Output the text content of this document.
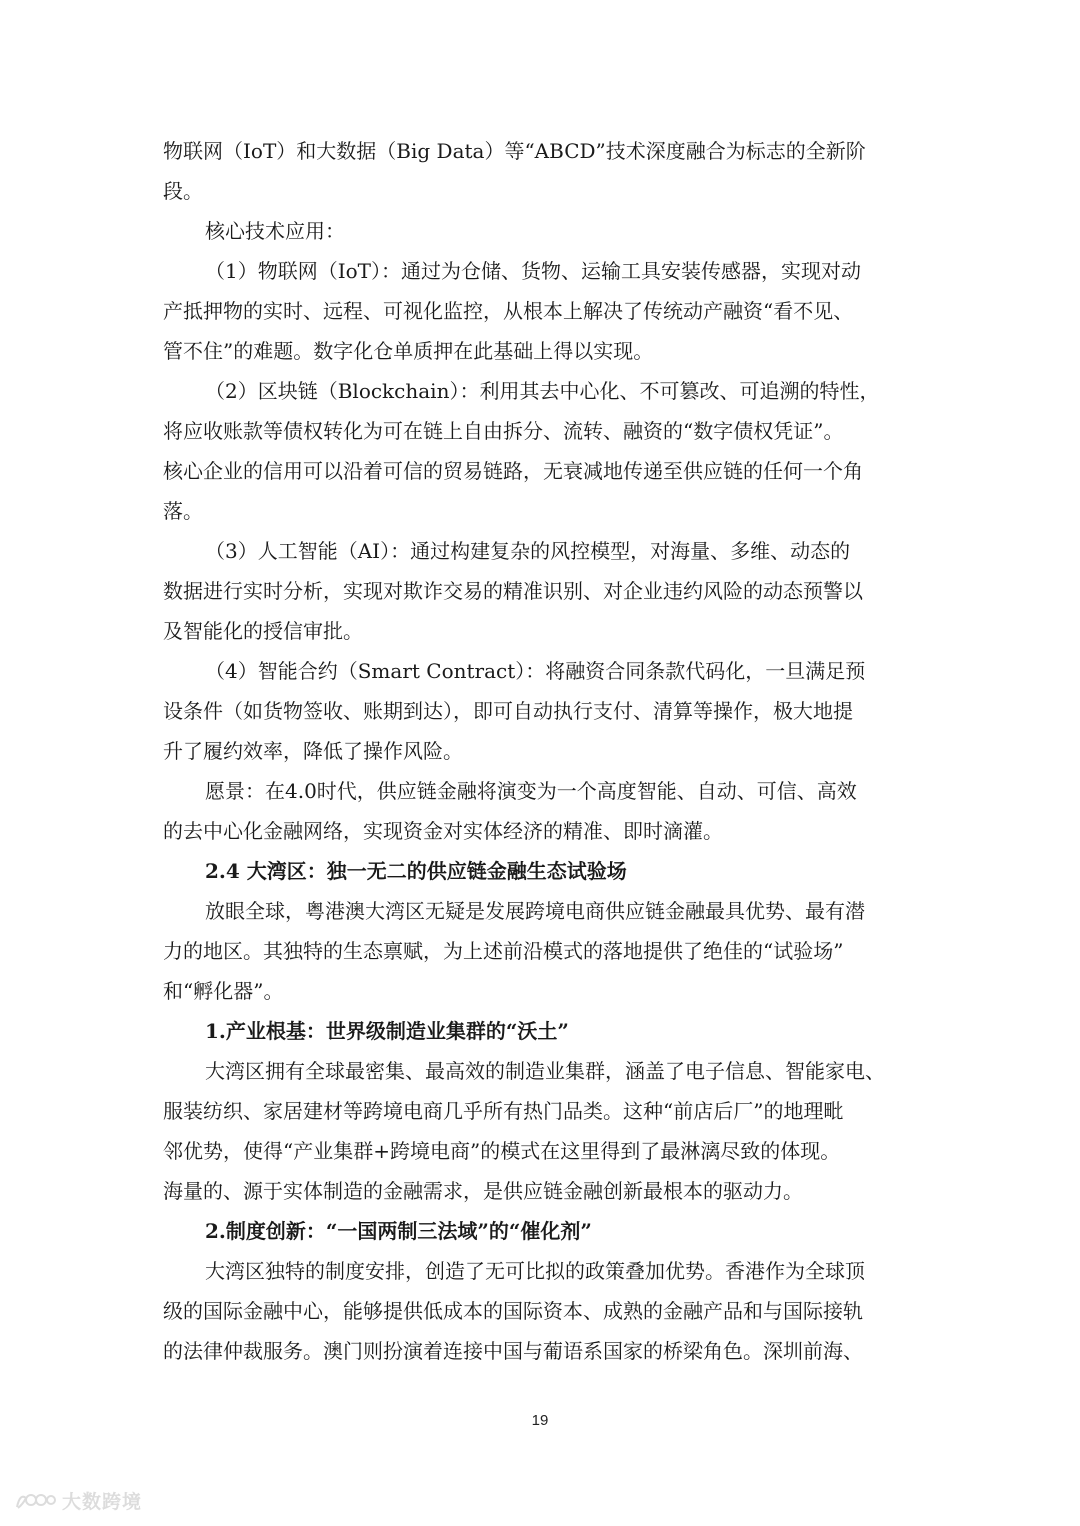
物联网（IoT）和大数据（Big Data）等“ABCD”技术深度融合为标志的全新阶
段。
核心技术应用：
（1）物联网（IoT）：通过为仓储、货物、运输工具安装传感器，实现对动
产抵押物的实时、远程、可视化监控，从根本上解决了传统动产融资“看不见、
管不住”的难题。数字化仓单质押在此基础上得以实现。
（2）区块链（Blockchain）：利用其去中心化、不可篡改、可追溯的特性，
将应收账款等债权转化为可在链上自由拆分、流转、融资的“数字债权凭证”。
核心企业的信用可以沿着可信的贸易链路，无衰减地传递至供应链的任何一个角
落。
（3）人工智能（AI）：通过构建复杂的风控模型，对海量、多维、动态的
数据进行实时分析，实现对欺诈交易的精准识别、对企业违约风险的动态预警以
及智能化的授信审批。
（4）智能合约（Smart Contract）：将融资合同条款代码化，一旦满足预
设条件（如货物签收、账期到达），即可自动执行支付、清算等操作，极大地提
升了履约效率，降低了操作风险。
愿景：在4.0时代，供应链金融将演变为一个高度智能、自动、可信、高效
的去中心化金融网络，实现资金对实体经济的精准、即时滴灌。
2.4 大湾区：独一无二的供应链金融生态试验场
放眼全球，粤港澳大湾区无疑是发展跨境电商供应链金融最具优势、最有潜
力的地区。其独特的生态禀赋，为上述前沿模式的落地提供了绝佳的“试验场”
和“孵化器”。
1.产业根基：世界级制造业集群的“沃土”
大湾区拥有全球最密集、最高效的制造业集群，涵盖了电子信息、智能家电、
服装纺织、家居建材等跨境电商几乎所有热门品类。这种“前店后厂”的地理毗
邻优势，使得“产业集群+跨境电商”的模式在这里得到了最淋漓尽致的体现。
海量的、源于实体制造的金融需求，是供应链金融创新最根本的驱动力。
2.制度创新：“一国两制三法域”的“催化剂”
大湾区独特的制度安排，创造了无可比拟的政策叠加优势。香港作为全球顶
级的国际金融中心，能够提供低成本的国际资本、成熟的金融产品和与国际接轨
的法律仲裁服务。澳门则扮演着连接中国与葡语系国家的桥梁角色。深圳前海、
19
大数跨境
